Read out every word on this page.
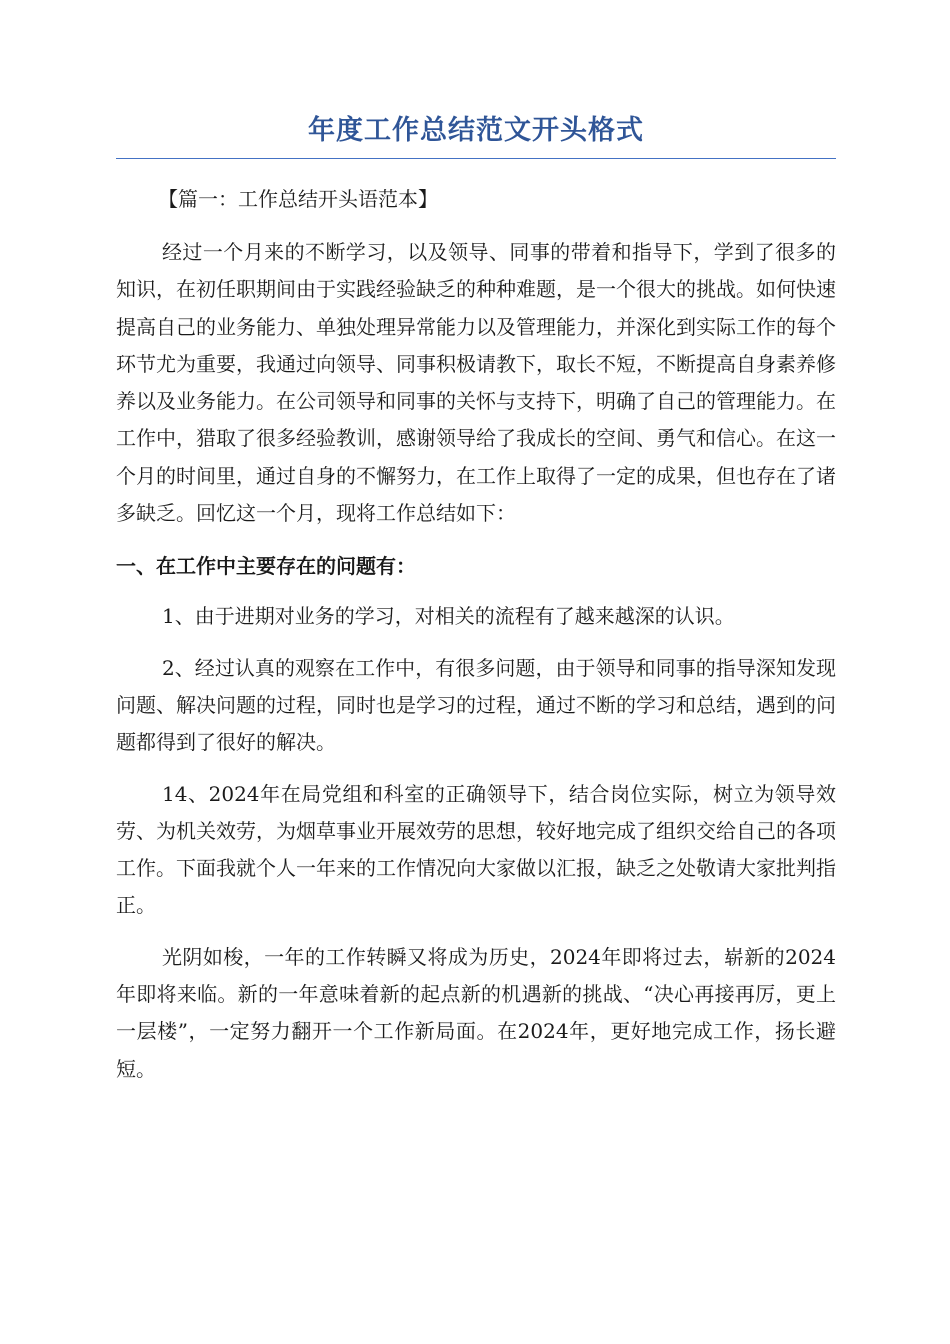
年度工作总结范文开头格式

【篇一：工作总结开头语范本】

经过一个月来的不断学习，以及领导、同事的带着和指导下，学到了很多的知识，在初任职期间由于实践经验缺乏的种种难题，是一个很大的挑战。如何快速提高自己的业务能力、单独处理异常能力以及管理能力，并深化到实际工作的每个环节尤为重要，我通过向领导、同事积极请教下，取长不短，不断提高自身素养修养以及业务能力。在公司领导和同事的关怀与支持下，明确了自己的管理能力。在工作中，猎取了很多经验教训，感谢领导给了我成长的空间、勇气和信心。在这一个月的时间里，通过自身的不懈努力，在工作上取得了一定的成果，但也存在了诸多缺乏。回忆这一个月，现将工作总结如下：

一、在工作中主要存在的问题有：

1、由于进期对业务的学习，对相关的流程有了越来越深的认识。

2、经过认真的观察在工作中，有很多问题，由于领导和同事的指导深知发现问题、解决问题的过程，同时也是学习的过程，通过不断的学习和总结，遇到的问题都得到了很好的解决。

14、2024年在局党组和科室的正确领导下，结合岗位实际，树立为领导效劳、为机关效劳，为烟草事业开展效劳的思想，较好地完成了组织交给自己的各项工作。下面我就个人一年来的工作情况向大家做以汇报，缺乏之处敬请大家批判指正。

光阴如梭，一年的工作转瞬又将成为历史，2024年即将过去，崭新的2024年即将来临。新的一年意味着新的起点新的机遇新的挑战、“决心再接再厉，更上一层楼”，一定努力翻开一个工作新局面。在2024年，更好地完成工作，扬长避短。
